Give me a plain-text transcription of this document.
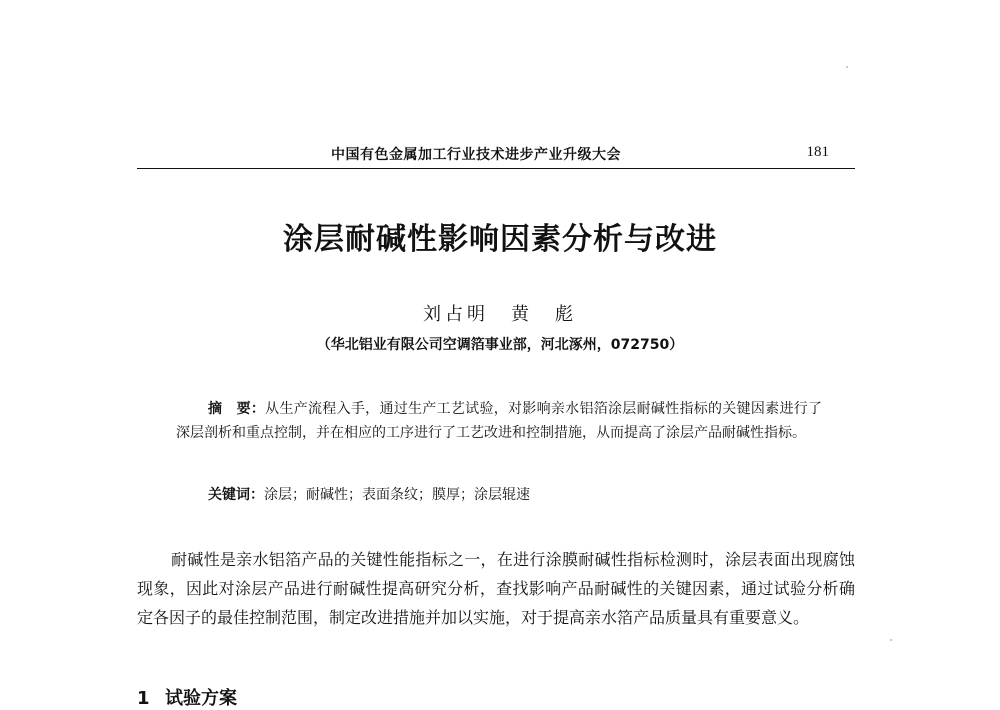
中国有色金属加工行业技术进步产业升级大会	181
涂层耐碱性影响因素分析与改进
刘占明 黄　彪
（华北铝业有限公司空调箔事业部，河北涿州，072750）
摘　要：从生产流程入手，通过生产工艺试验，对影响亲水铝箔涂层耐碱性指标的关键因素进行了深层剖析和重点控制，并在相应的工序进行了工艺改进和控制措施，从而提高了涂层产品耐碱性指标。
关键词：涂层；耐碱性；表面条纹；膜厚；涂层辊速
耐碱性是亲水铝箔产品的关键性能指标之一，在进行涂膜耐碱性指标检测时，涂层表面出现腐蚀现象，因此对涂层产品进行耐碱性提高研究分析，查找影响产品耐碱性的关键因素，通过试验分析确定各因子的最佳控制范围，制定改进措施并加以实施，对于提高亲水箔产品质量具有重要意义。
1 试验方案
